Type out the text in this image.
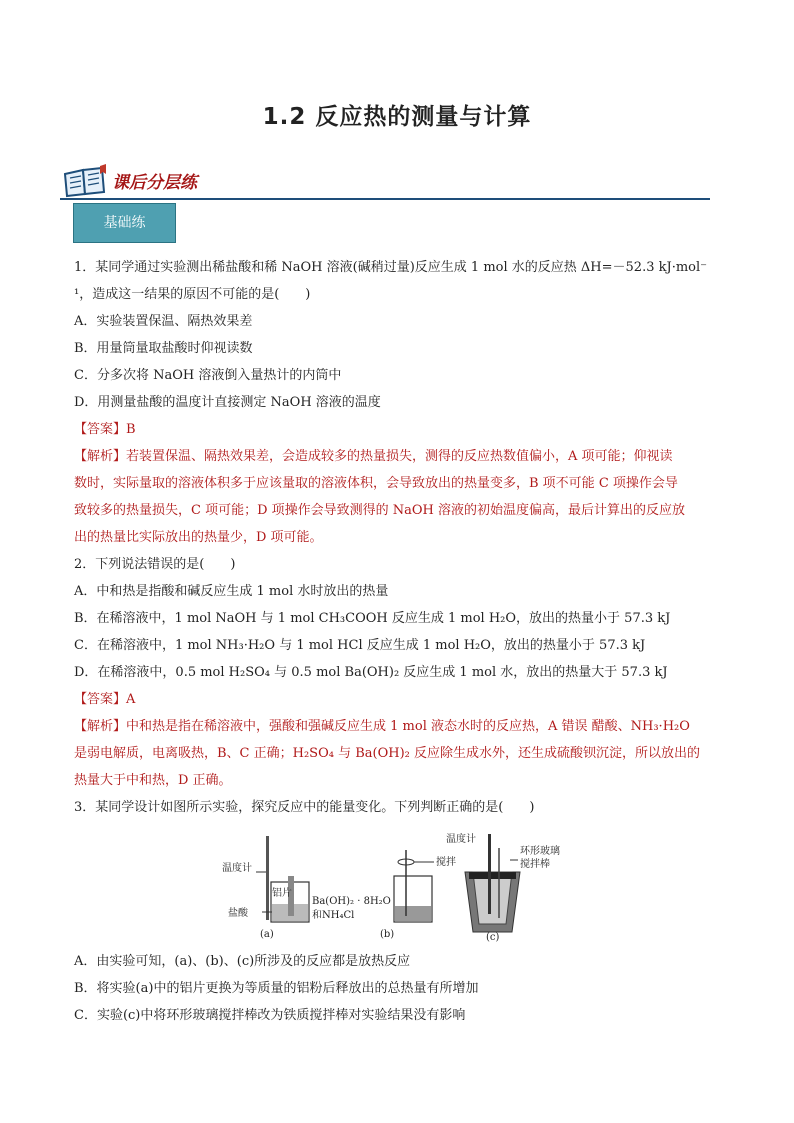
1.2 反应热的测量与计算
课后分层练
基础练
1．某同学通过实验测出稀盐酸和稀 NaOH 溶液(碱稍过量)反应生成 1 mol 水的反应热 ΔH=－52.3 kJ·mol⁻
¹，造成这一结果的原因不可能的是(　　)
A．实验装置保温、隔热效果差
B．用量筒量取盐酸时仰视读数
C．分多次将 NaOH 溶液倒入量热计的内筒中
D．用测量盐酸的温度计直接测定 NaOH 溶液的温度
【答案】B
【解析】若装置保温、隔热效果差，会造成较多的热量损失，测得的反应热数值偏小，A 项可能；仰视读
数时，实际量取的溶液体积多于应该量取的溶液体积，会导致放出的热量变多，B 项不可能 C 项操作会导
致较多的热量损失，C 项可能；D 项操作会导致测得的 NaOH 溶液的初始温度偏高，最后计算出的反应放
出的热量比实际放出的热量少，D 项可能。
2．下列说法错误的是(　　)
A．中和热是指酸和碱反应生成 1 mol 水时放出的热量
B．在稀溶液中，1 mol NaOH 与 1 mol CH₃COOH 反应生成 1 mol H₂O，放出的热量小于 57.3 kJ
C．在稀溶液中，1 mol NH₃·H₂O 与 1 mol HCl 反应生成 1 mol H₂O，放出的热量小于 57.3 kJ
D．在稀溶液中，0.5 mol H₂SO₄ 与 0.5 mol Ba(OH)₂ 反应生成 1 mol 水，放出的热量大于 57.3 kJ
【答案】A
【解析】中和热是指在稀溶液中，强酸和强碱反应生成 1 mol 液态水时的反应热，A 错误 醋酸、NH₃·H₂O
是弱电解质，电离吸热，B、C 正确；H₂SO₄ 与 Ba(OH)₂ 反应除生成水外，还生成硫酸钡沉淀，所以放出的
热量大于中和热，D 正确。
3．某同学设计如图所示实验，探究反应中的能量变化。下列判断正确的是(　　)
温度计
铝片
盐酸
(a)
搅拌
Ba(OH)₂ · 8H₂O
和NH₄Cl
(b)
温度计
环形玻璃
搅拌棒
(c)
A．由实验可知，(a)、(b)、(c)所涉及的反应都是放热反应
B．将实验(a)中的铝片更换为等质量的铝粉后释放出的总热量有所增加
C．实验(c)中将环形玻璃搅拌棒改为铁质搅拌棒对实验结果没有影响
